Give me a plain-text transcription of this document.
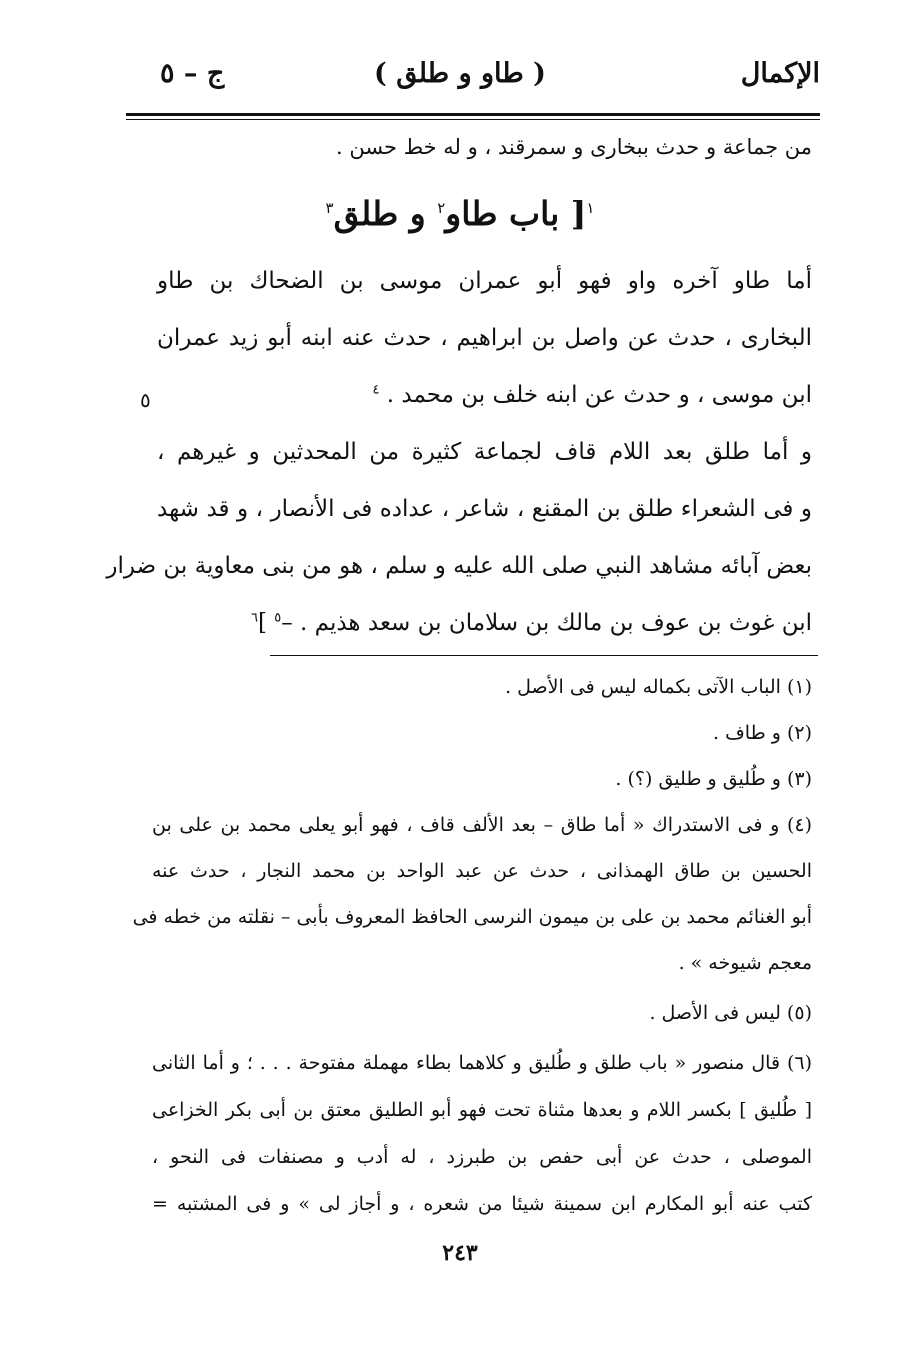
الإكمال
( طاو و طلق )
ج – ٥
من جماعة و حدث ببخارى و سمرقند ، و له خط حسن .
$^١$[ باب طاو$^٢$ و طلق$^٣$
أما طاو آخره واو فهو أبو عمران موسى بن الضحاك بن طاو
البخارى ، حدث عن واصل بن ابراهيم ، حدث عنه ابنه أبو زيد عمران
ابن موسى ، و حدث عن ابنه خلف بن محمد . $^٤$
و أما طلق بعد اللام قاف لجماعة كثيرة من المحدثين و غيرهم ،
و فى الشعراء طلق بن المقنع ، شاعر ، عداده فى الأنصار ، و قد شهد
بعض آبائه مشاهد النبي صلى الله عليه و سلم ، هو من بنى معاوية بن ضرار
ابن غوث بن عوف بن مالك بن سلامان بن سعد هذيم . –$^٥$ ]$^٦$
٥
(١) الباب الآتى بكماله ليس فى الأصل .
(٢) و طاف .
(٣) و طُليق و طليق (؟) .
(٤) و فى الاستدراك « أما طاق – بعد الألف قاف ، فهو أبو يعلى محمد بن على بن
الحسين بن طاق الهمذانى ، حدث عن عبد الواحد بن محمد النجار ، حدث عنه
أبو الغنائم محمد بن على بن ميمون النرسى الحافظ المعروف بأبى – نقلته من خطه فى
معجم شيوخه » .
(٥) ليس فى الأصل .
(٦) قال منصور « باب طلق و طُليق و كلاهما بطاء مهملة مفتوحة . . . ؛ و أما الثانى
[ طُليق ] بكسر اللام و بعدها مثناة تحت فهو أبو الطليق معتق بن أبى بكر الخزاعى
الموصلى ، حدث عن أبى حفص بن طبرزد ، له أدب و مصنفات فى النحو ،
كتب عنه أبو المكارم ابن سمينة شيئا من شعره ، و أجاز لى » و فى المشتبه =
٢٤٣
